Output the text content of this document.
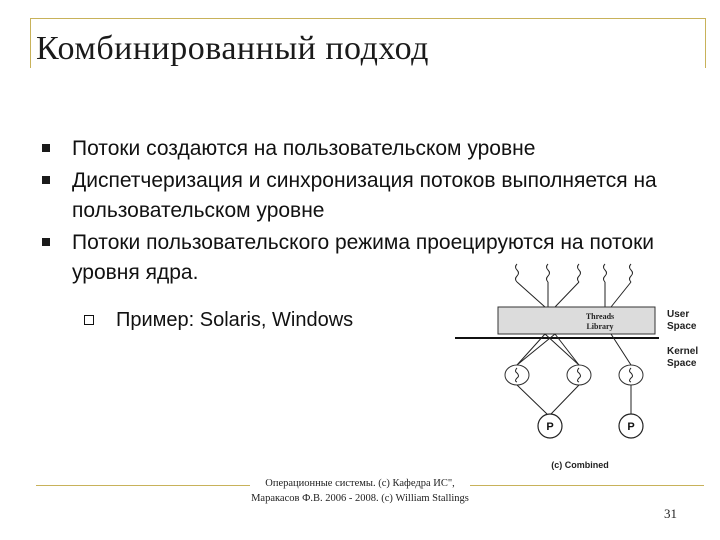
Комбинированный подход
Потоки создаются на пользовательском уровне
Диспетчеризация и синхронизация потоков выполняется на пользовательском уровне
Потоки пользовательского режима проецируются на потоки уровня ядра.
Пример: Solaris, Windows	Threads
Library
User
Space
Kernel
Space
P	P
(c) Combined
Операционные системы. (c) Кафедра ИС", Маракасов Ф.В. 2006 - 2008. (c) William Stallings
31
